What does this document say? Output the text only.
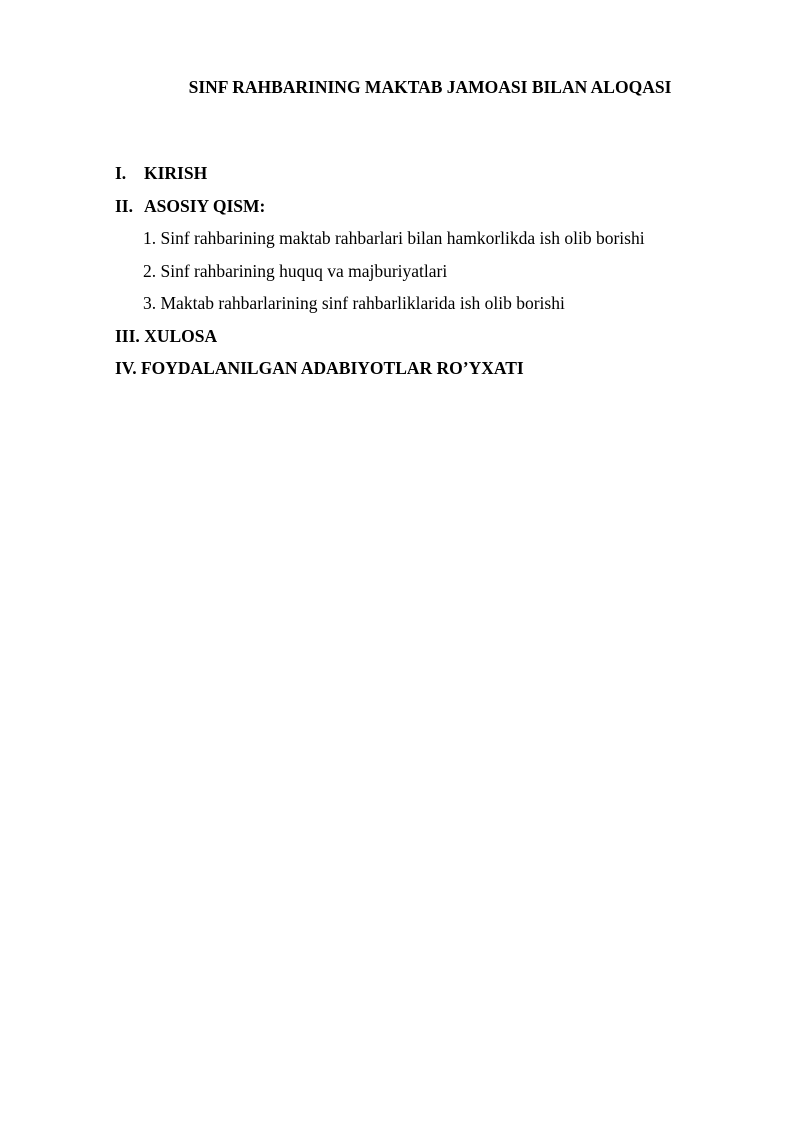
SINF RAHBARINING MAKTAB JAMOASI BILAN ALOQASI
I. KIRISH
II. ASOSIY QISM:
1. Sinf rahbarining maktab rahbarlari bilan hamkorlikda ish olib borishi
2. Sinf rahbarining huquq va majburiyatlari
3. Maktab rahbarlarining sinf rahbarliklarida ish olib borishi
III. XULOSA
IV. FOYDALANILGAN ADABIYOTLAR RO’YXATI
